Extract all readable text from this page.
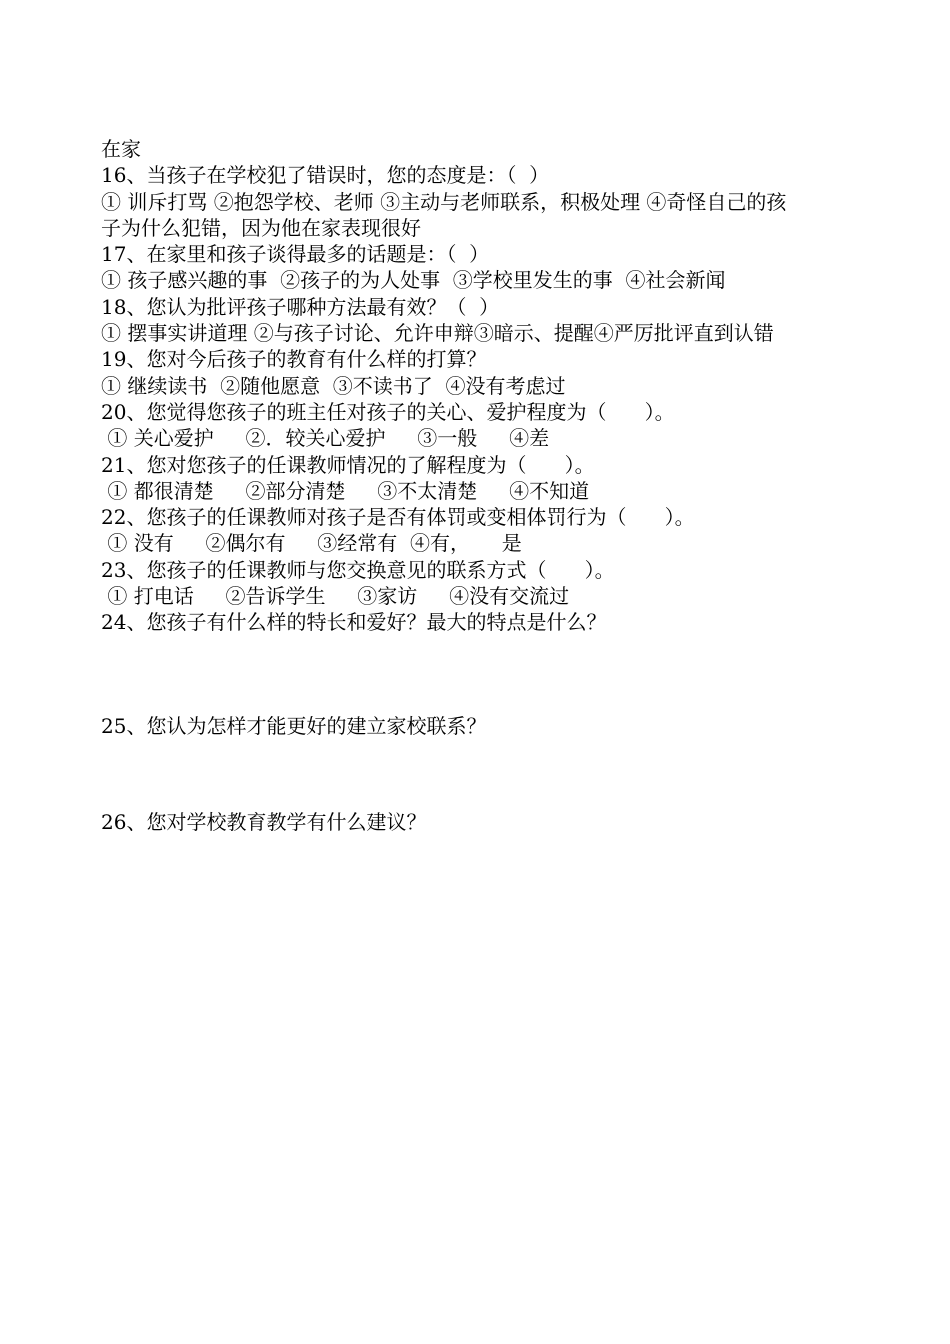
在家
16、当孩子在学校犯了错误时，您的态度是：（  ）
① 训斥打骂 ②抱怨学校、老师 ③主动与老师联系，积极处理 ④奇怪自己的孩
子为什么犯错，因为他在家表现很好
17、在家里和孩子谈得最多的话题是：（  ）
① 孩子感兴趣的事  ②孩子的为人处事  ③学校里发生的事  ④社会新闻
18、您认为批评孩子哪种方法最有效？（  ）
① 摆事实讲道理 ②与孩子讨论、允许申辩③暗示、提醒④严厉批评直到认错
19、您对今后孩子的教育有什么样的打算？
① 继续读书  ②随他愿意  ③不读书了  ④没有考虑过
20、您觉得您孩子的班主任对孩子的关心、爱护程度为（      ）。
① 关心爱护     ②．较关心爱护     ③一般     ④差
21、您对您孩子的任课教师情况的了解程度为（      ）。
① 都很清楚     ②部分清楚     ③不太清楚     ④不知道
22、您孩子的任课教师对孩子是否有体罚或变相体罚行为（      ）。
① 没有     ②偶尔有     ③经常有  ④有，     是
23、您孩子的任课教师与您交换意见的联系方式（      ）。
① 打电话     ②告诉学生     ③家访     ④没有交流过
24、您孩子有什么样的特长和爱好？最大的特点是什么？
25、您认为怎样才能更好的建立家校联系？
26、您对学校教育教学有什么建议？
